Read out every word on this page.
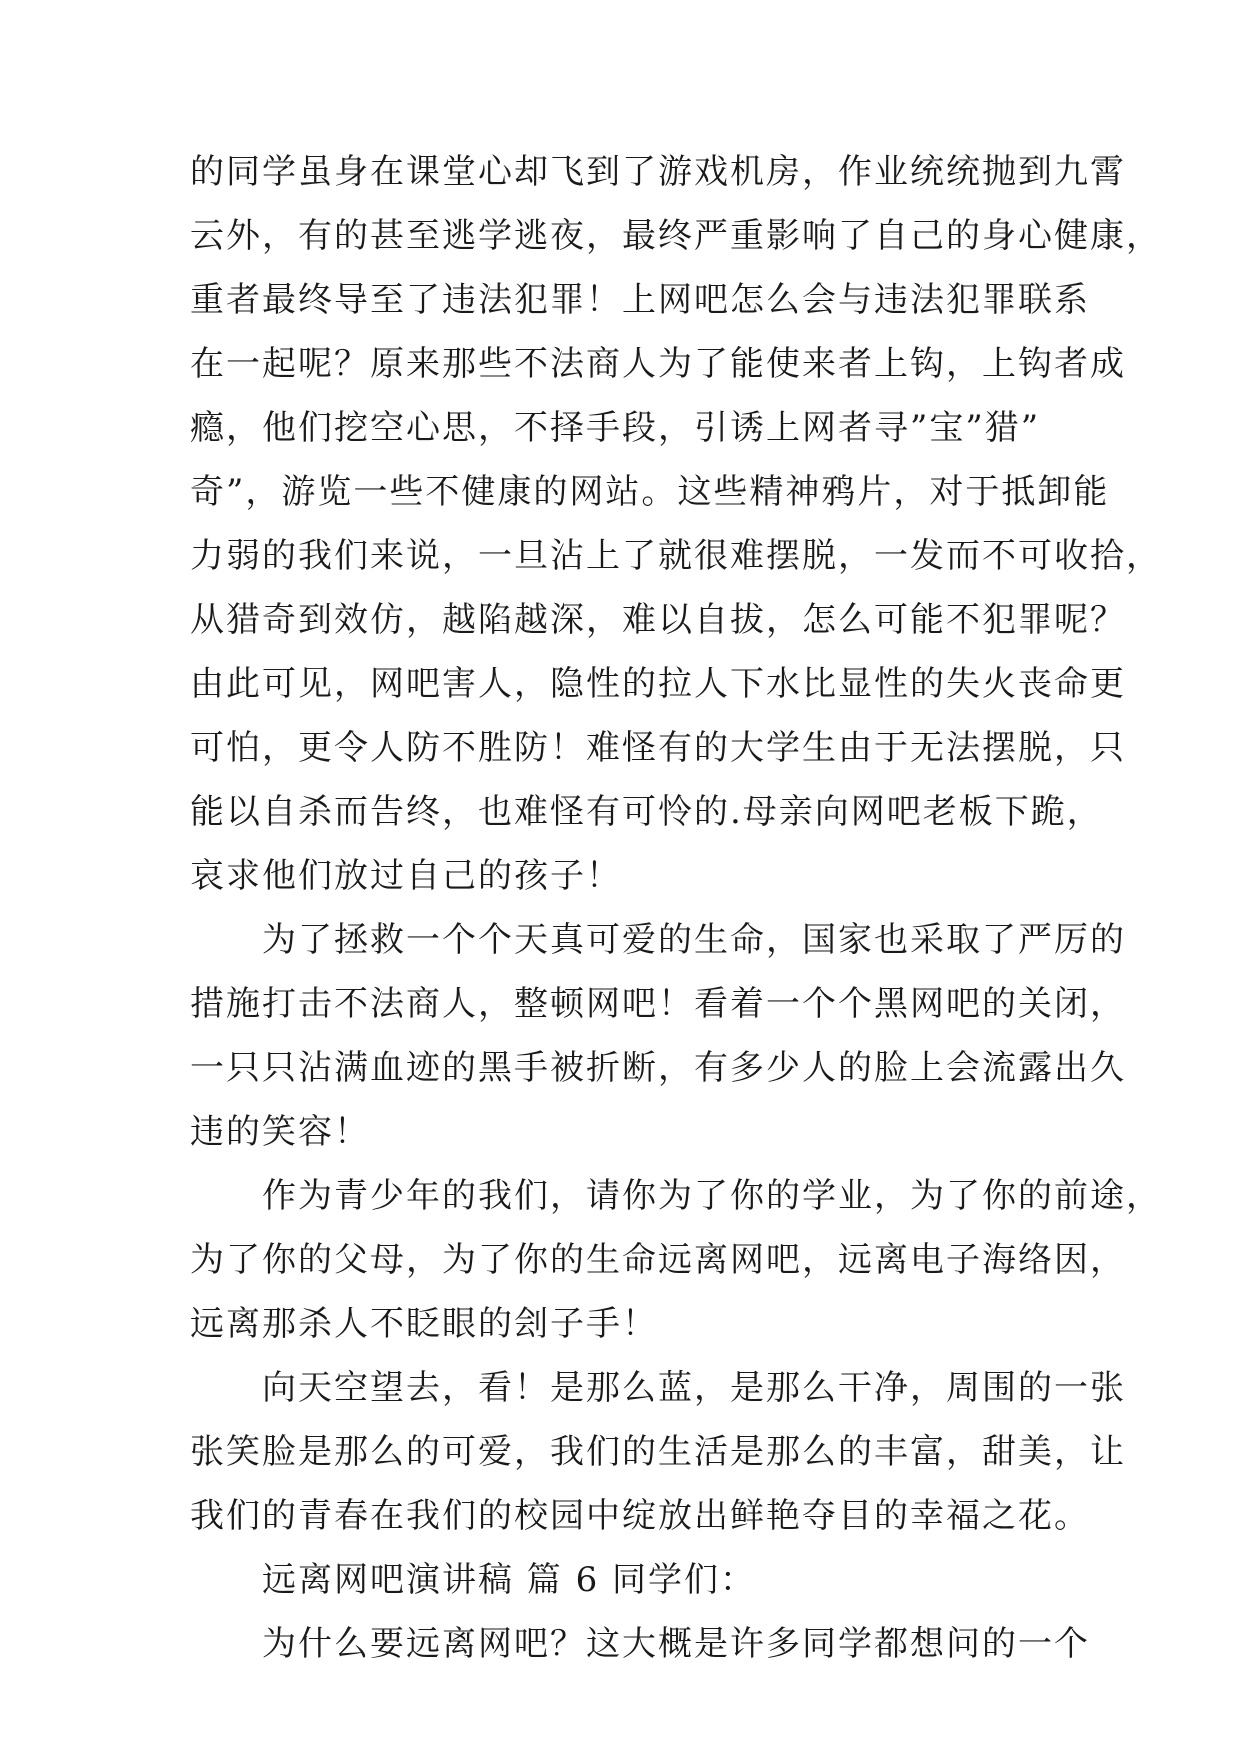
的同学虽身在课堂心却飞到了游戏机房，作业统统抛到九霄
云外，有的甚至逃学逃夜，最终严重影响了自己的身心健康，
重者最终导至了违法犯罪！上网吧怎么会与违法犯罪联系
在一起呢？原来那些不法商人为了能使来者上钩，上钩者成
瘾，他们挖空心思，不择手段，引诱上网者寻”宝”猎”
奇”，游览一些不健康的网站。这些精神鸦片，对于抵卸能
力弱的我们来说，一旦沾上了就很难摆脱，一发而不可收拾，
从猎奇到效仿，越陷越深，难以自拔，怎么可能不犯罪呢？
由此可见，网吧害人，隐性的拉人下水比显性的失火丧命更
可怕，更令人防不胜防！难怪有的大学生由于无法摆脱，只
能以自杀而告终，也难怪有可怜的.母亲向网吧老板下跪，
哀求他们放过自己的孩子！
　　为了拯救一个个天真可爱的生命，国家也采取了严厉的
措施打击不法商人，整顿网吧！看着一个个黑网吧的关闭，
一只只沾满血迹的黑手被折断，有多少人的脸上会流露出久
违的笑容！
　　作为青少年的我们，请你为了你的学业，为了你的前途，
为了你的父母，为了你的生命远离网吧，远离电子海络因，
远离那杀人不眨眼的刽子手！
　　向天空望去，看！是那么蓝，是那么干净，周围的一张
张笑脸是那么的可爱，我们的生活是那么的丰富，甜美，让
我们的青春在我们的校园中绽放出鲜艳夺目的幸福之花。
　　远离网吧演讲稿 篇 6 同学们：
　　为什么要远离网吧？这大概是许多同学都想问的一个
